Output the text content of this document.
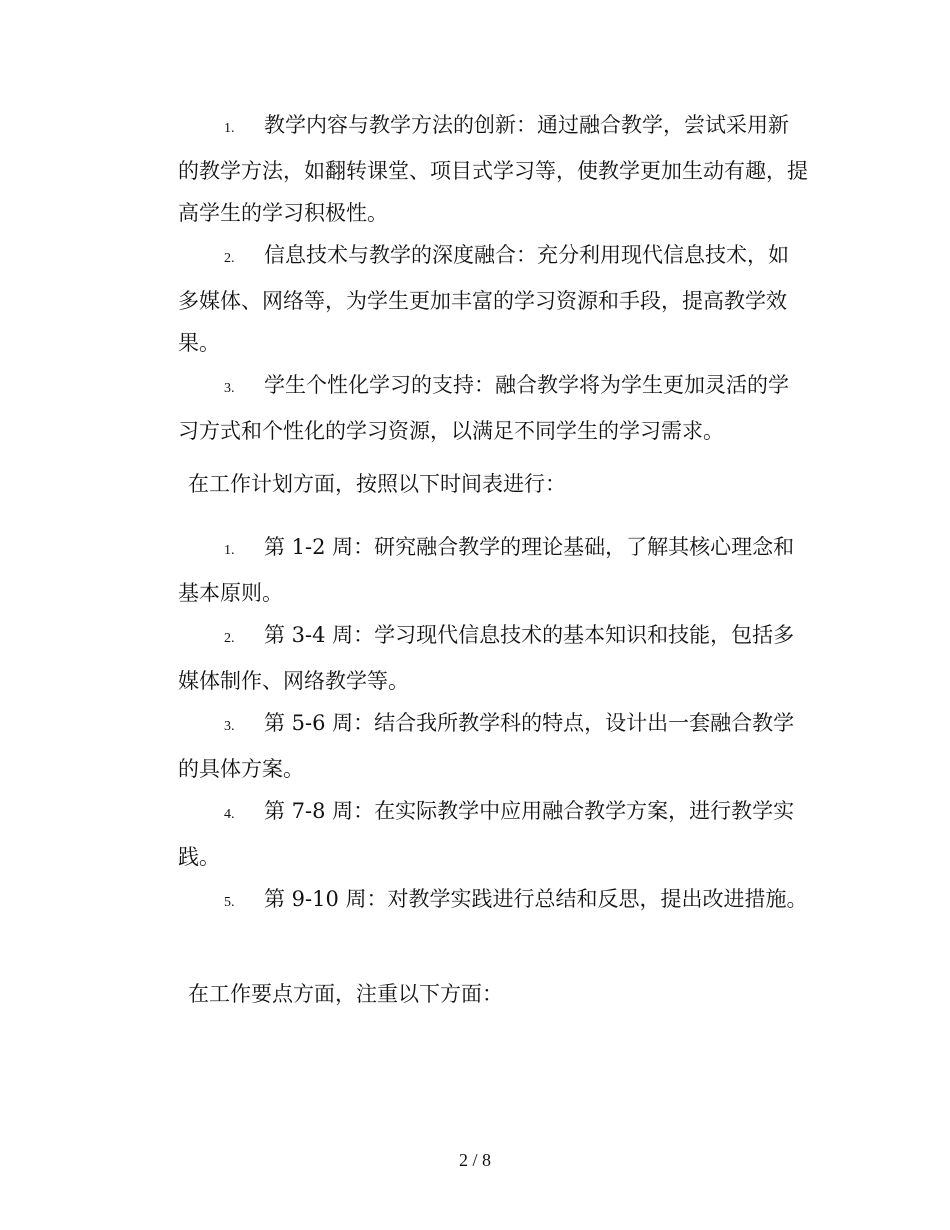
1. 教学内容与教学方法的创新：通过融合教学，尝试采用新的教学方法，如翻转课堂、项目式学习等，使教学更加生动有趣，提高学生的学习积极性。

2. 信息技术与教学的深度融合：充分利用现代信息技术，如多媒体、网络等，为学生更加丰富的学习资源和手段，提高教学效果。

3. 学生个性化学习的支持：融合教学将为学生更加灵活的学习方式和个性化的学习资源，以满足不同学生的学习需求。

在工作计划方面，按照以下时间表进行：

1. 第 1-2 周：研究融合教学的理论基础，了解其核心理念和基本原则。

2. 第 3-4 周：学习现代信息技术的基本知识和技能，包括多媒体制作、网络教学等。

3. 第 5-6 周：结合我所教学科的特点，设计出一套融合教学的具体方案。

4. 第 7-8 周：在实际教学中应用融合教学方案，进行教学实践。

5. 第 9-10 周：对教学实践进行总结和反思，提出改进措施。

在工作要点方面，注重以下方面：

2 / 8
